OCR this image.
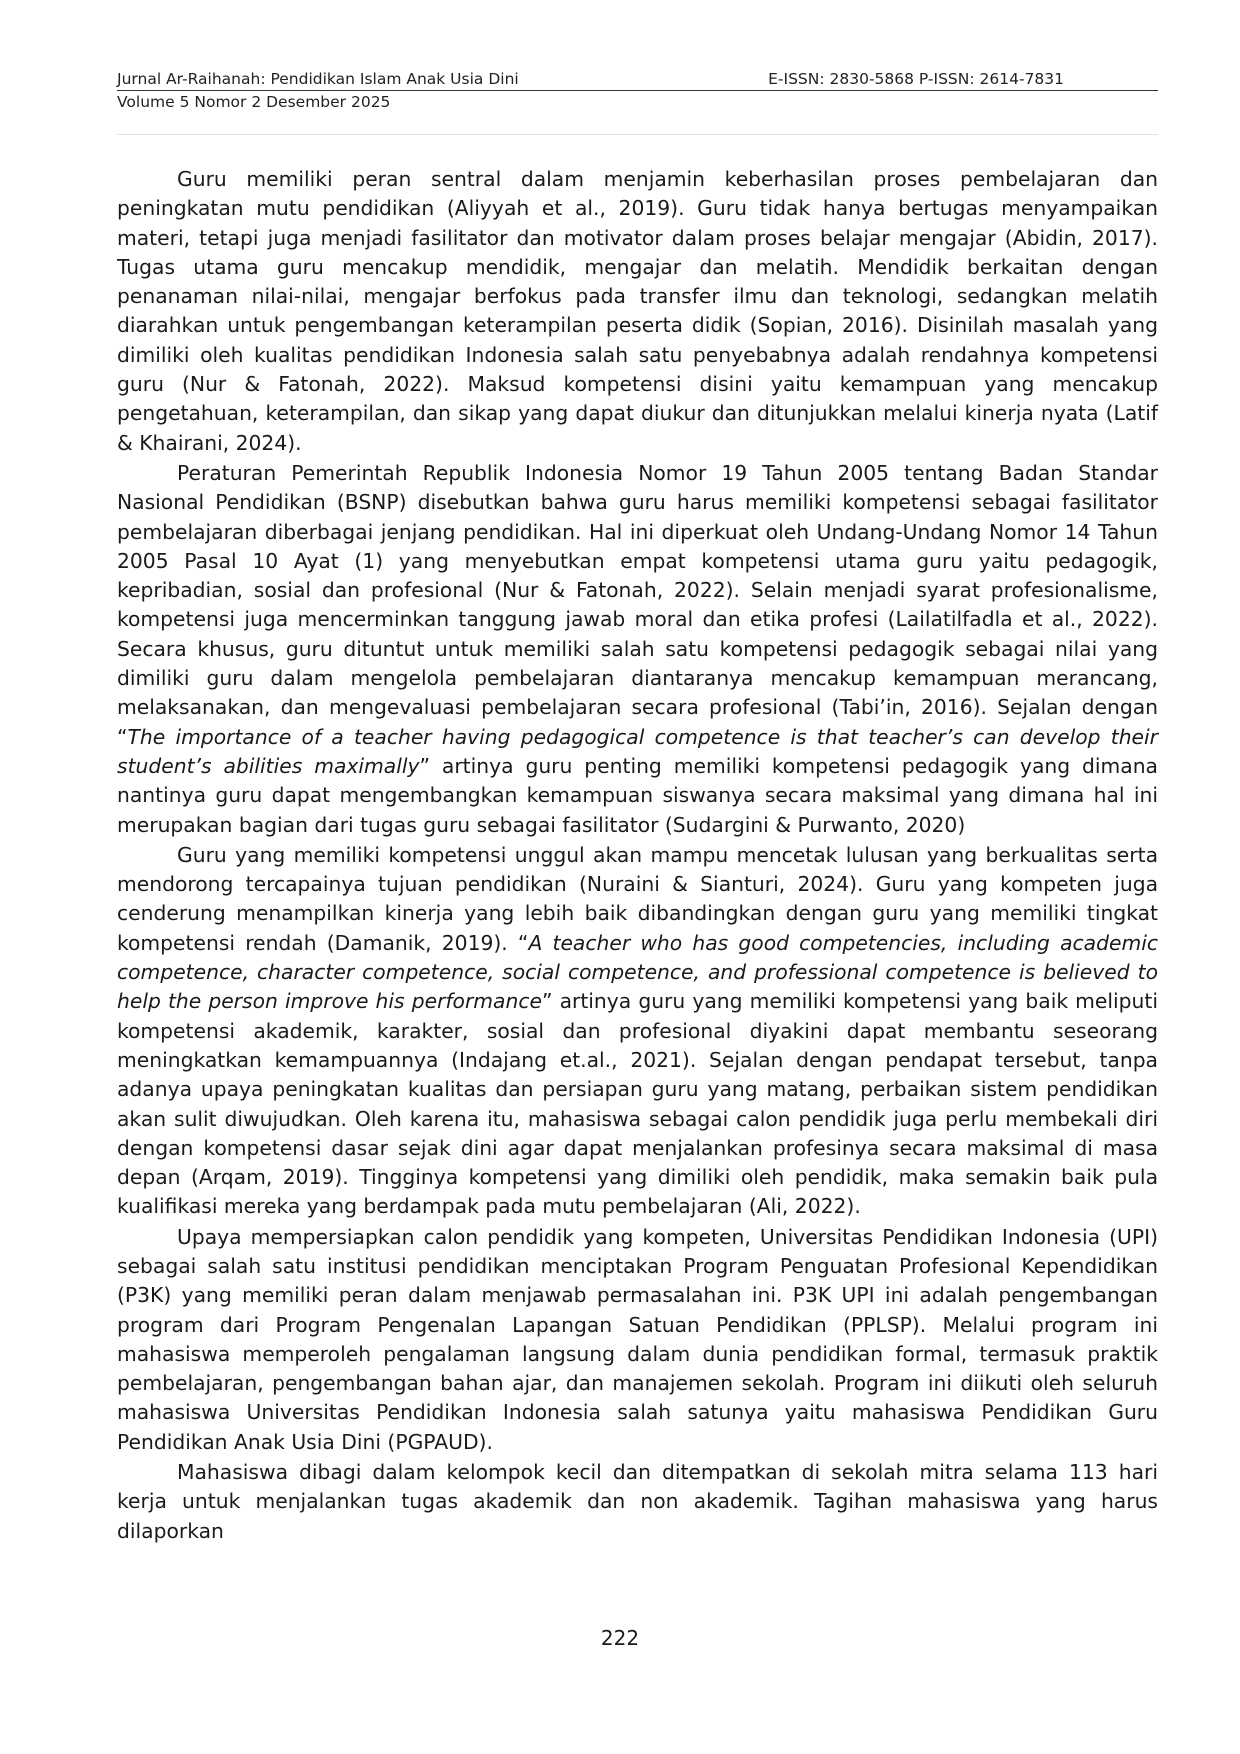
Jurnal Ar-Raihanah: Pendidikan Islam Anak Usia Dini	E-ISSN: 2830-5868 P-ISSN: 2614-7831
Volume 5 Nomor 2 Desember 2025

Guru memiliki peran sentral dalam menjamin keberhasilan proses pembelajaran dan peningkatan mutu pendidikan (Aliyyah et al., 2019). Guru tidak hanya bertugas menyampaikan materi, tetapi juga menjadi fasilitator dan motivator dalam proses belajar mengajar (Abidin, 2017). Tugas utama guru mencakup mendidik, mengajar dan melatih. Mendidik berkaitan dengan penanaman nilai-nilai, mengajar berfokus pada transfer ilmu dan teknologi, sedangkan melatih diarahkan untuk pengembangan keterampilan peserta didik (Sopian, 2016). Disinilah masalah yang dimiliki oleh kualitas pendidikan Indonesia salah satu penyebabnya adalah rendahnya kompetensi guru (Nur & Fatonah, 2022). Maksud kompetensi disini yaitu kemampuan yang mencakup pengetahuan, keterampilan, dan sikap yang dapat diukur dan ditunjukkan melalui kinerja nyata (Latif & Khairani, 2024).

Peraturan Pemerintah Republik Indonesia Nomor 19 Tahun 2005 tentang Badan Standar Nasional Pendidikan (BSNP) disebutkan bahwa guru harus memiliki kompetensi sebagai fasilitator pembelajaran diberbagai jenjang pendidikan. Hal ini diperkuat oleh Undang-Undang Nomor 14 Tahun 2005 Pasal 10 Ayat (1) yang menyebutkan empat kompetensi utama guru yaitu pedagogik, kepribadian, sosial dan profesional (Nur & Fatonah, 2022). Selain menjadi syarat profesionalisme, kompetensi juga mencerminkan tanggung jawab moral dan etika profesi (Lailatilfadla et al., 2022). Secara khusus, guru dituntut untuk memiliki salah satu kompetensi pedagogik sebagai nilai yang dimiliki guru dalam mengelola pembelajaran diantaranya mencakup kemampuan merancang, melaksanakan, dan mengevaluasi pembelajaran secara profesional (Tabi’in, 2016). Sejalan dengan “The importance of a teacher having pedagogical competence is that teacher’s can develop their student’s abilities maximally” artinya guru penting memiliki kompetensi pedagogik yang dimana nantinya guru dapat mengembangkan kemampuan siswanya secara maksimal yang dimana hal ini merupakan bagian dari tugas guru sebagai fasilitator (Sudargini & Purwanto, 2020)

Guru yang memiliki kompetensi unggul akan mampu mencetak lulusan yang berkualitas serta mendorong tercapainya tujuan pendidikan (Nuraini & Sianturi, 2024). Guru yang kompeten juga cenderung menampilkan kinerja yang lebih baik dibandingkan dengan guru yang memiliki tingkat kompetensi rendah (Damanik, 2019). “A teacher who has good competencies, including academic competence, character competence, social competence, and professional competence is believed to help the person improve his performance” artinya guru yang memiliki kompetensi yang baik meliputi kompetensi akademik, karakter, sosial dan profesional diyakini dapat membantu seseorang meningkatkan kemampuannya (Indajang et.al., 2021). Sejalan dengan pendapat tersebut, tanpa adanya upaya peningkatan kualitas dan persiapan guru yang matang, perbaikan sistem pendidikan akan sulit diwujudkan. Oleh karena itu, mahasiswa sebagai calon pendidik juga perlu membekali diri dengan kompetensi dasar sejak dini agar dapat menjalankan profesinya secara maksimal di masa depan (Arqam, 2019). Tingginya kompetensi yang dimiliki oleh pendidik, maka semakin baik pula kualifikasi mereka yang berdampak pada mutu pembelajaran (Ali, 2022).

Upaya mempersiapkan calon pendidik yang kompeten, Universitas Pendidikan Indonesia (UPI) sebagai salah satu institusi pendidikan menciptakan Program Penguatan Profesional Kependidikan (P3K) yang memiliki peran dalam menjawab permasalahan ini. P3K UPI ini adalah pengembangan program dari Program Pengenalan Lapangan Satuan Pendidikan (PPLSP). Melalui program ini mahasiswa memperoleh pengalaman langsung dalam dunia pendidikan formal, termasuk praktik pembelajaran, pengembangan bahan ajar, dan manajemen sekolah. Program ini diikuti oleh seluruh mahasiswa Universitas Pendidikan Indonesia salah satunya yaitu mahasiswa Pendidikan Guru Pendidikan Anak Usia Dini (PGPAUD).

Mahasiswa dibagi dalam kelompok kecil dan ditempatkan di sekolah mitra selama 113 hari kerja untuk menjalankan tugas akademik dan non akademik. Tagihan mahasiswa yang harus dilaporkan

222
